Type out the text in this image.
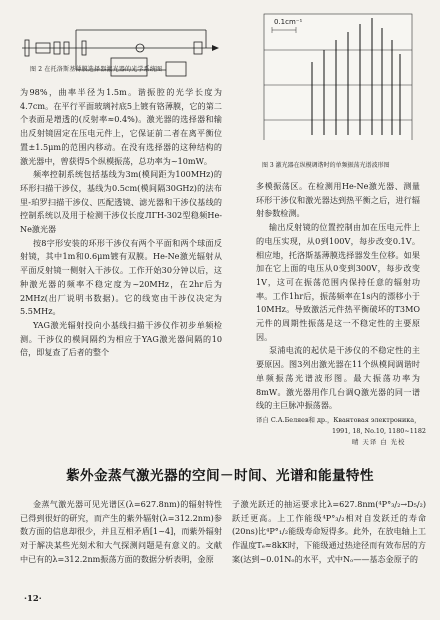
图 2 在托洛斯基薄膜选择器激光器的光学系统图
0.1cm⁻¹
图 3 激光器在纵模调谐时的单频振荡光谱波形图

为98%，曲率半径为1.5m。谐振腔的光学长度为4.7cm。在平行平面玻璃衬底5上镀有铬薄膜，它的第二个表面是增透的(反射率≈0.4%)。激光器的选择器和输出反射镜固定在压电元件上，它保证前二者在离平衡位置±1.5μm的范围内移动。在没有选择器的这种结构的激光器中，曾获得5个纵模振荡，总功率为~10mW。

频率控制系统包括基线为3m(模间距为100MHz)的环形扫描干涉仪，基线为0.5cm(模间隔30GHz)的法布里-珀罗扫描干涉仪、匹配透镜、滤光器和干涉仪基线的控制系统以及用于检测干涉仪长度ЛГН-302型稳频He-Ne激光器

按8字形安装的环形干涉仪有两个平面和两个球面反射镜，其中1m和0.6μm镀有双膜。He-Ne激光辐射从平面反射镜一侧射入干涉仪。工作开始30分钟以后，这种激光器的频率不稳定度为~20MHz，在2hr后为2MHz(出厂说明书数据)。它的线宽由干涉仪决定为5.5MHz。

YAG激光辐射投向小基线扫描干涉仪作初步单频检测。干涉仪的模间隔约为相应于YAG激光器间隔的10倍，即复查了后者的整个

多模振荡区。在检测用He-Ne激光器、测量环形干涉仪和激光器达到热平衡之后，进行辐射参数检测。

输出反射镜的位置控制由加在压电元件上的电压实现，从0到100V，每步改变0.1V。相应地，托洛斯基薄膜选择器发生位移。如果加在它上面的电压从0变到300V，每步改变1V，这可在振荡范围内保持任意的辐射功率。工作1hr后，振荡频率在1s内的漂移小于10MHz。导致激活元件热平衡破坏的T3MO元件的周期性振荡是这一不稳定性的主要原因。

泵浦电流的起伏是干涉仪的不稳定性的主要原因。图3列出激光器在11个纵模间调谐时单频振荡光谱波形图。最大振荡功率为8mW。激光器用作几台调Q激光器的同一谱线的主巨脉冲振荡器。

译自 С.А.Беляев和 др.，Квантовая электроника，
1991, 18, No.10, 1180~1182
晴 天译 白 光校
紫外金蒸气激光器的空间－时间、光谱和能量特性

金蒸气激光器可见光谱区(λ=627.8nm)的辐射特性已得到很好的研究，而产生的紫外辐射(λ=312.2nm)参数方面的信息却很少，并且互相矛盾[1~4]，而紫外辐射对于解决某些光刻术和大气探测问题是有意义的。文献中已有的λ=312.2nm振荡方面的数据分析表明，金原

子激光跃迁的抽运要求比λ=627.8nm(⁴P°₃/₂→D₅/₂)跃迁更高。上工作能级⁴P°₃/₂相对自发跃迁的寿命(20ns)比⁴P°₁/₂能级寿命短得多。此外，在放电轴上工作温度Tₑ≈8kK时，下能级通过热途径而有效布居的方案(达到~0.01Nₒ的水平，式中Nₒ——基态金原子的

·12·
